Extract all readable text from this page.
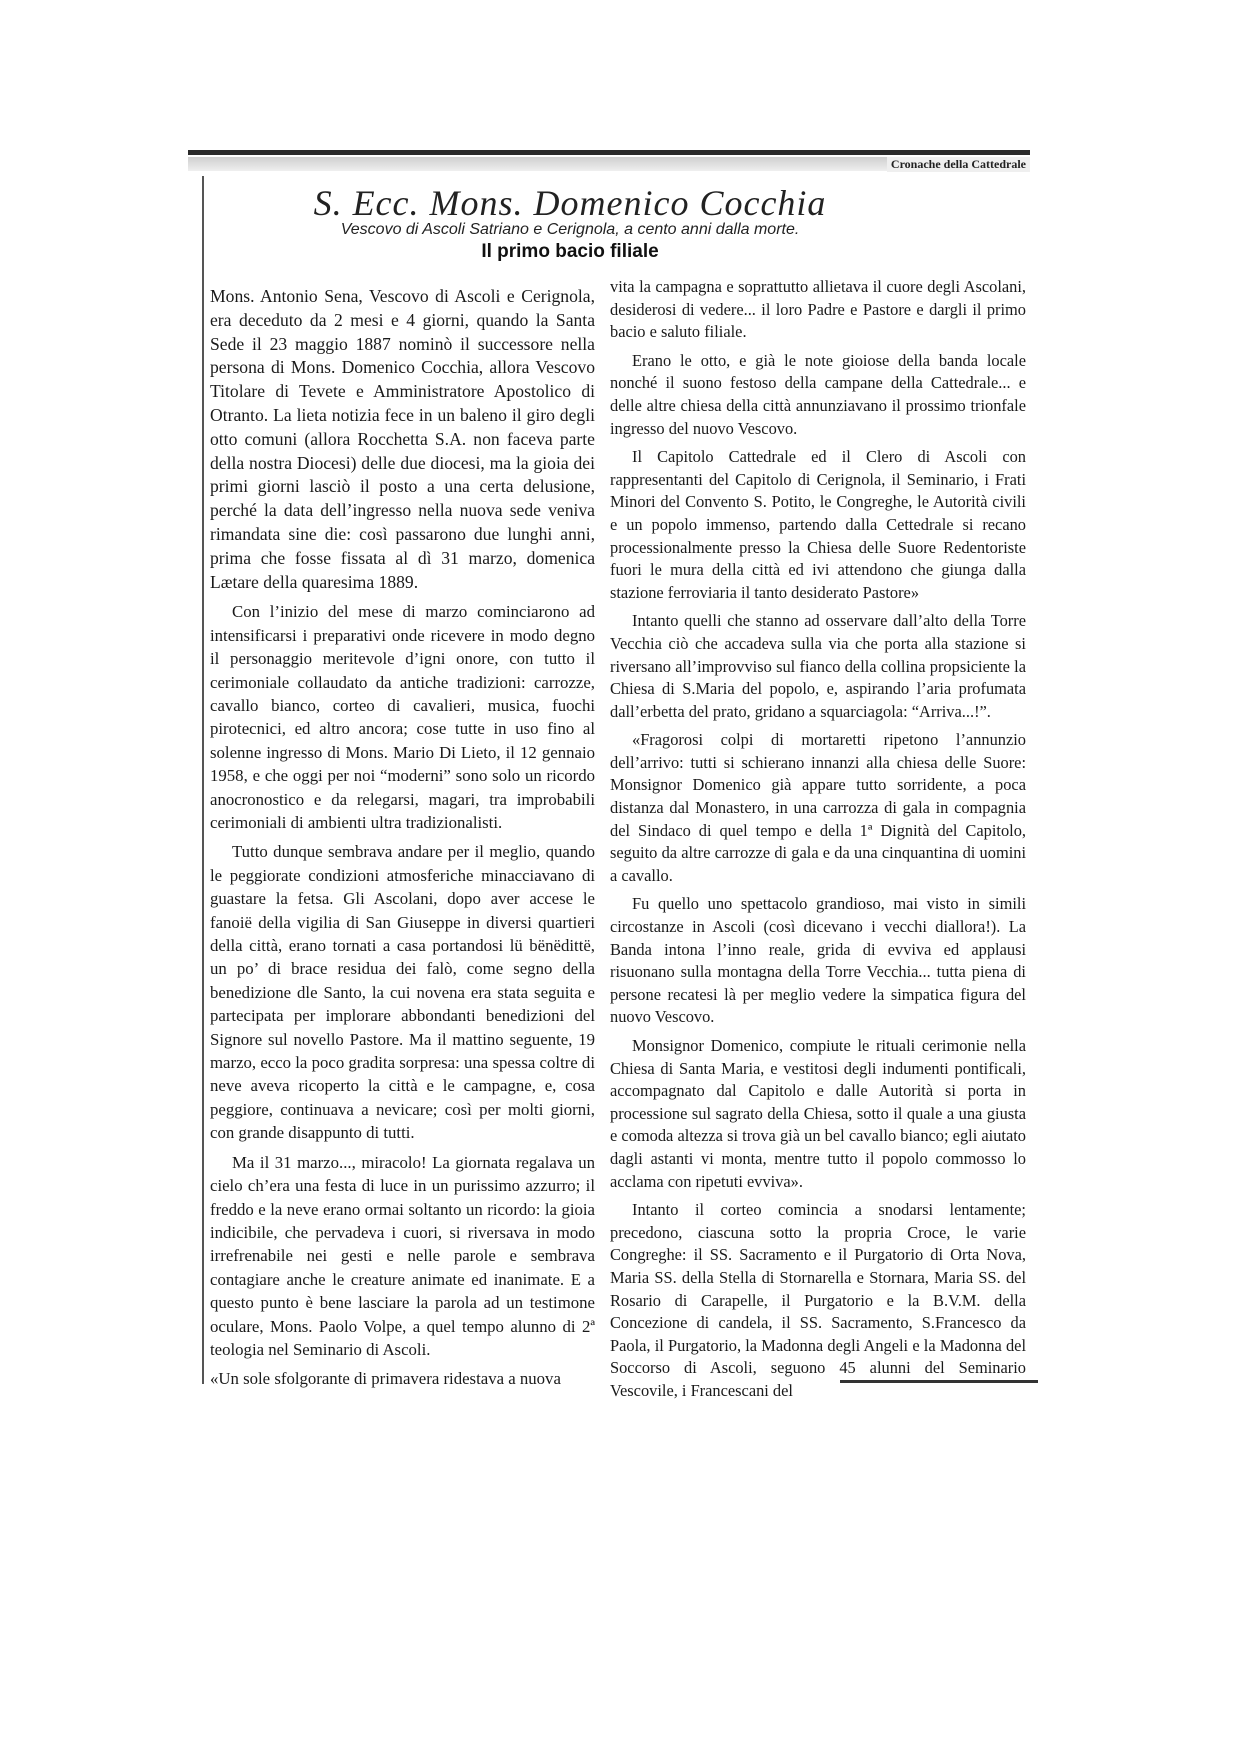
Cronache della Cattedrale
S. Ecc. Mons. Domenico Cocchia
Vescovo di Ascoli Satriano e Cerignola, a cento anni dalla morte.
Il primo bacio filiale

Mons. Antonio Sena, Vescovo di Ascoli e Cerignola, era deceduto da 2 mesi e 4 giorni, quando la Santa Sede il 23 maggio 1887 nominò il successore nella persona di Mons. Domenico Cocchia, allora Vescovo Titolare di Tevete e Amministratore Apostolico di Otranto. La lieta notizia fece in un baleno il giro degli otto comuni (allora Rocchetta S.A. non faceva parte della nostra Diocesi) delle due diocesi, ma la gioia dei primi giorni lasciò il posto a una certa delusione, perché la data dell’ingresso nella nuova sede veniva rimandata sine die: così passarono due lunghi anni, prima che fosse fissata al dì 31 marzo, domenica Lætare della quaresima 1889.

Con l’inizio del mese di marzo cominciarono ad intensificarsi i preparativi onde ricevere in modo degno il personaggio meritevole d’igni onore, con tutto il cerimoniale collaudato da antiche tradizioni: carrozze, cavallo bianco, corteo di cavalieri, musica, fuochi pirotecnici, ed altro ancora; cose tutte in uso fino al solenne ingresso di Mons. Mario Di Lieto, il 12 gennaio 1958, e che oggi per noi “moderni” sono solo un ricordo anocronostico e da relegarsi, magari, tra improbabili cerimoniali di ambienti ultra tradizionalisti.

Tutto dunque sembrava andare per il meglio, quando le peggiorate condizioni atmosferiche minacciavano di guastare la fetsa. Gli Ascolani, dopo aver accese le fanoiё della vigilia di San Giuseppe in diversi quartieri della città, erano tornati a casa portandosi lü bënëdittë, un po’ di brace residua dei falò, come segno della benedizione dle Santo, la cui novena era stata seguita e partecipata per implorare abbondanti benedizioni del Signore sul novello Pastore. Ma il mattino seguente, 19 marzo, ecco la poco gradita sorpresa: una spessa coltre di neve aveva ricoperto la città e le campagne, e, cosa peggiore, continuava a nevicare; così per molti giorni, con grande disappunto di tutti.

Ma il 31 marzo..., miracolo! La giornata regalava un cielo ch’era una festa di luce in un purissimo azzurro; il freddo e la neve erano ormai soltanto un ricordo: la gioia indicibile, che pervadeva i cuori, si riversava in modo irrefrenabile nei gesti e nelle parole e sembrava contagiare anche le creature animate ed inanimate. E a questo punto è bene lasciare la parola ad un testimone oculare, Mons. Paolo Volpe, a quel tempo alunno di 2ª teologia nel Seminario di Ascoli.

«Un sole sfolgorante di primavera ridestava a nuova

vita la campagna e soprattutto allietava il cuore degli Ascolani, desiderosi di vedere... il loro Padre e Pastore e dargli il primo bacio e saluto filiale.

Erano le otto, e già le note gioiose della banda locale nonché il suono festoso della campane della Cattedrale... e delle altre chiesa della città annunziavano il prossimo trionfale ingresso del nuovo Vescovo.

Il Capitolo Cattedrale ed il Clero di Ascoli con rappresentanti del Capitolo di Cerignola, il Seminario, i Frati Minori del Convento S. Potito, le Congreghe, le Autorità civili e un popolo immenso, partendo dalla Cettedrale si recano processionalmente presso la Chiesa delle Suore Redentoriste fuori le mura della città ed ivi attendono che giunga dalla stazione ferroviaria il tanto desiderato Pastore»

Intanto quelli che stanno ad osservare dall’alto della Torre Vecchia ciò che accadeva sulla via che porta alla stazione si riversano all’improvviso sul fianco della collina propsiciente la Chiesa di S.Maria del popolo, e, aspirando l’aria profumata dall’erbetta del prato, gridano a squarciagola: “Arriva...!”.

«Fragorosi colpi di mortaretti ripetono l’annunzio dell’arrivo: tutti si schierano innanzi alla chiesa delle Suore: Monsignor Domenico già appare tutto sorridente, a poca distanza dal Monastero, in una carrozza di gala in compagnia del Sindaco di quel tempo e della 1ª Dignità del Capitolo, seguito da altre carrozze di gala e da una cinquantina di uomini a cavallo.

Fu quello uno spettacolo grandioso, mai visto in simili circostanze in Ascoli (così dicevano i vecchi diallora!). La Banda intona l’inno reale, grida di evviva ed applausi risuonano sulla montagna della Torre Vecchia... tutta piena di persone recatesi là per meglio vedere la simpatica figura del nuovo Vescovo.

Monsignor Domenico, compiute le rituali cerimonie nella Chiesa di Santa Maria, e vestitosi degli indumenti pontificali, accompagnato dal Capitolo e dalle Autorità si porta in processione sul sagrato della Chiesa, sotto il quale a una giusta e comoda altezza si trova già un bel cavallo bianco; egli aiutato dagli astanti vi monta, mentre tutto il popolo commosso lo acclama con ripetuti evviva».

Intanto il corteo comincia a snodarsi lentamente; precedono, ciascuna sotto la propria Croce, le varie Congreghe: il SS. Sacramento e il Purgatorio di Orta Nova, Maria SS. della Stella di Stornarella e Stornara, Maria SS. del Rosario di Carapelle, il Purgatorio e la B.V.M. della Concezione di candela, il SS. Sacramento, S.Francesco da Paola, il Purgatorio, la Madonna degli Angeli e la Madonna del Soccorso di Ascoli, seguono 45 alunni del Seminario Vescovile, i Francescani del
